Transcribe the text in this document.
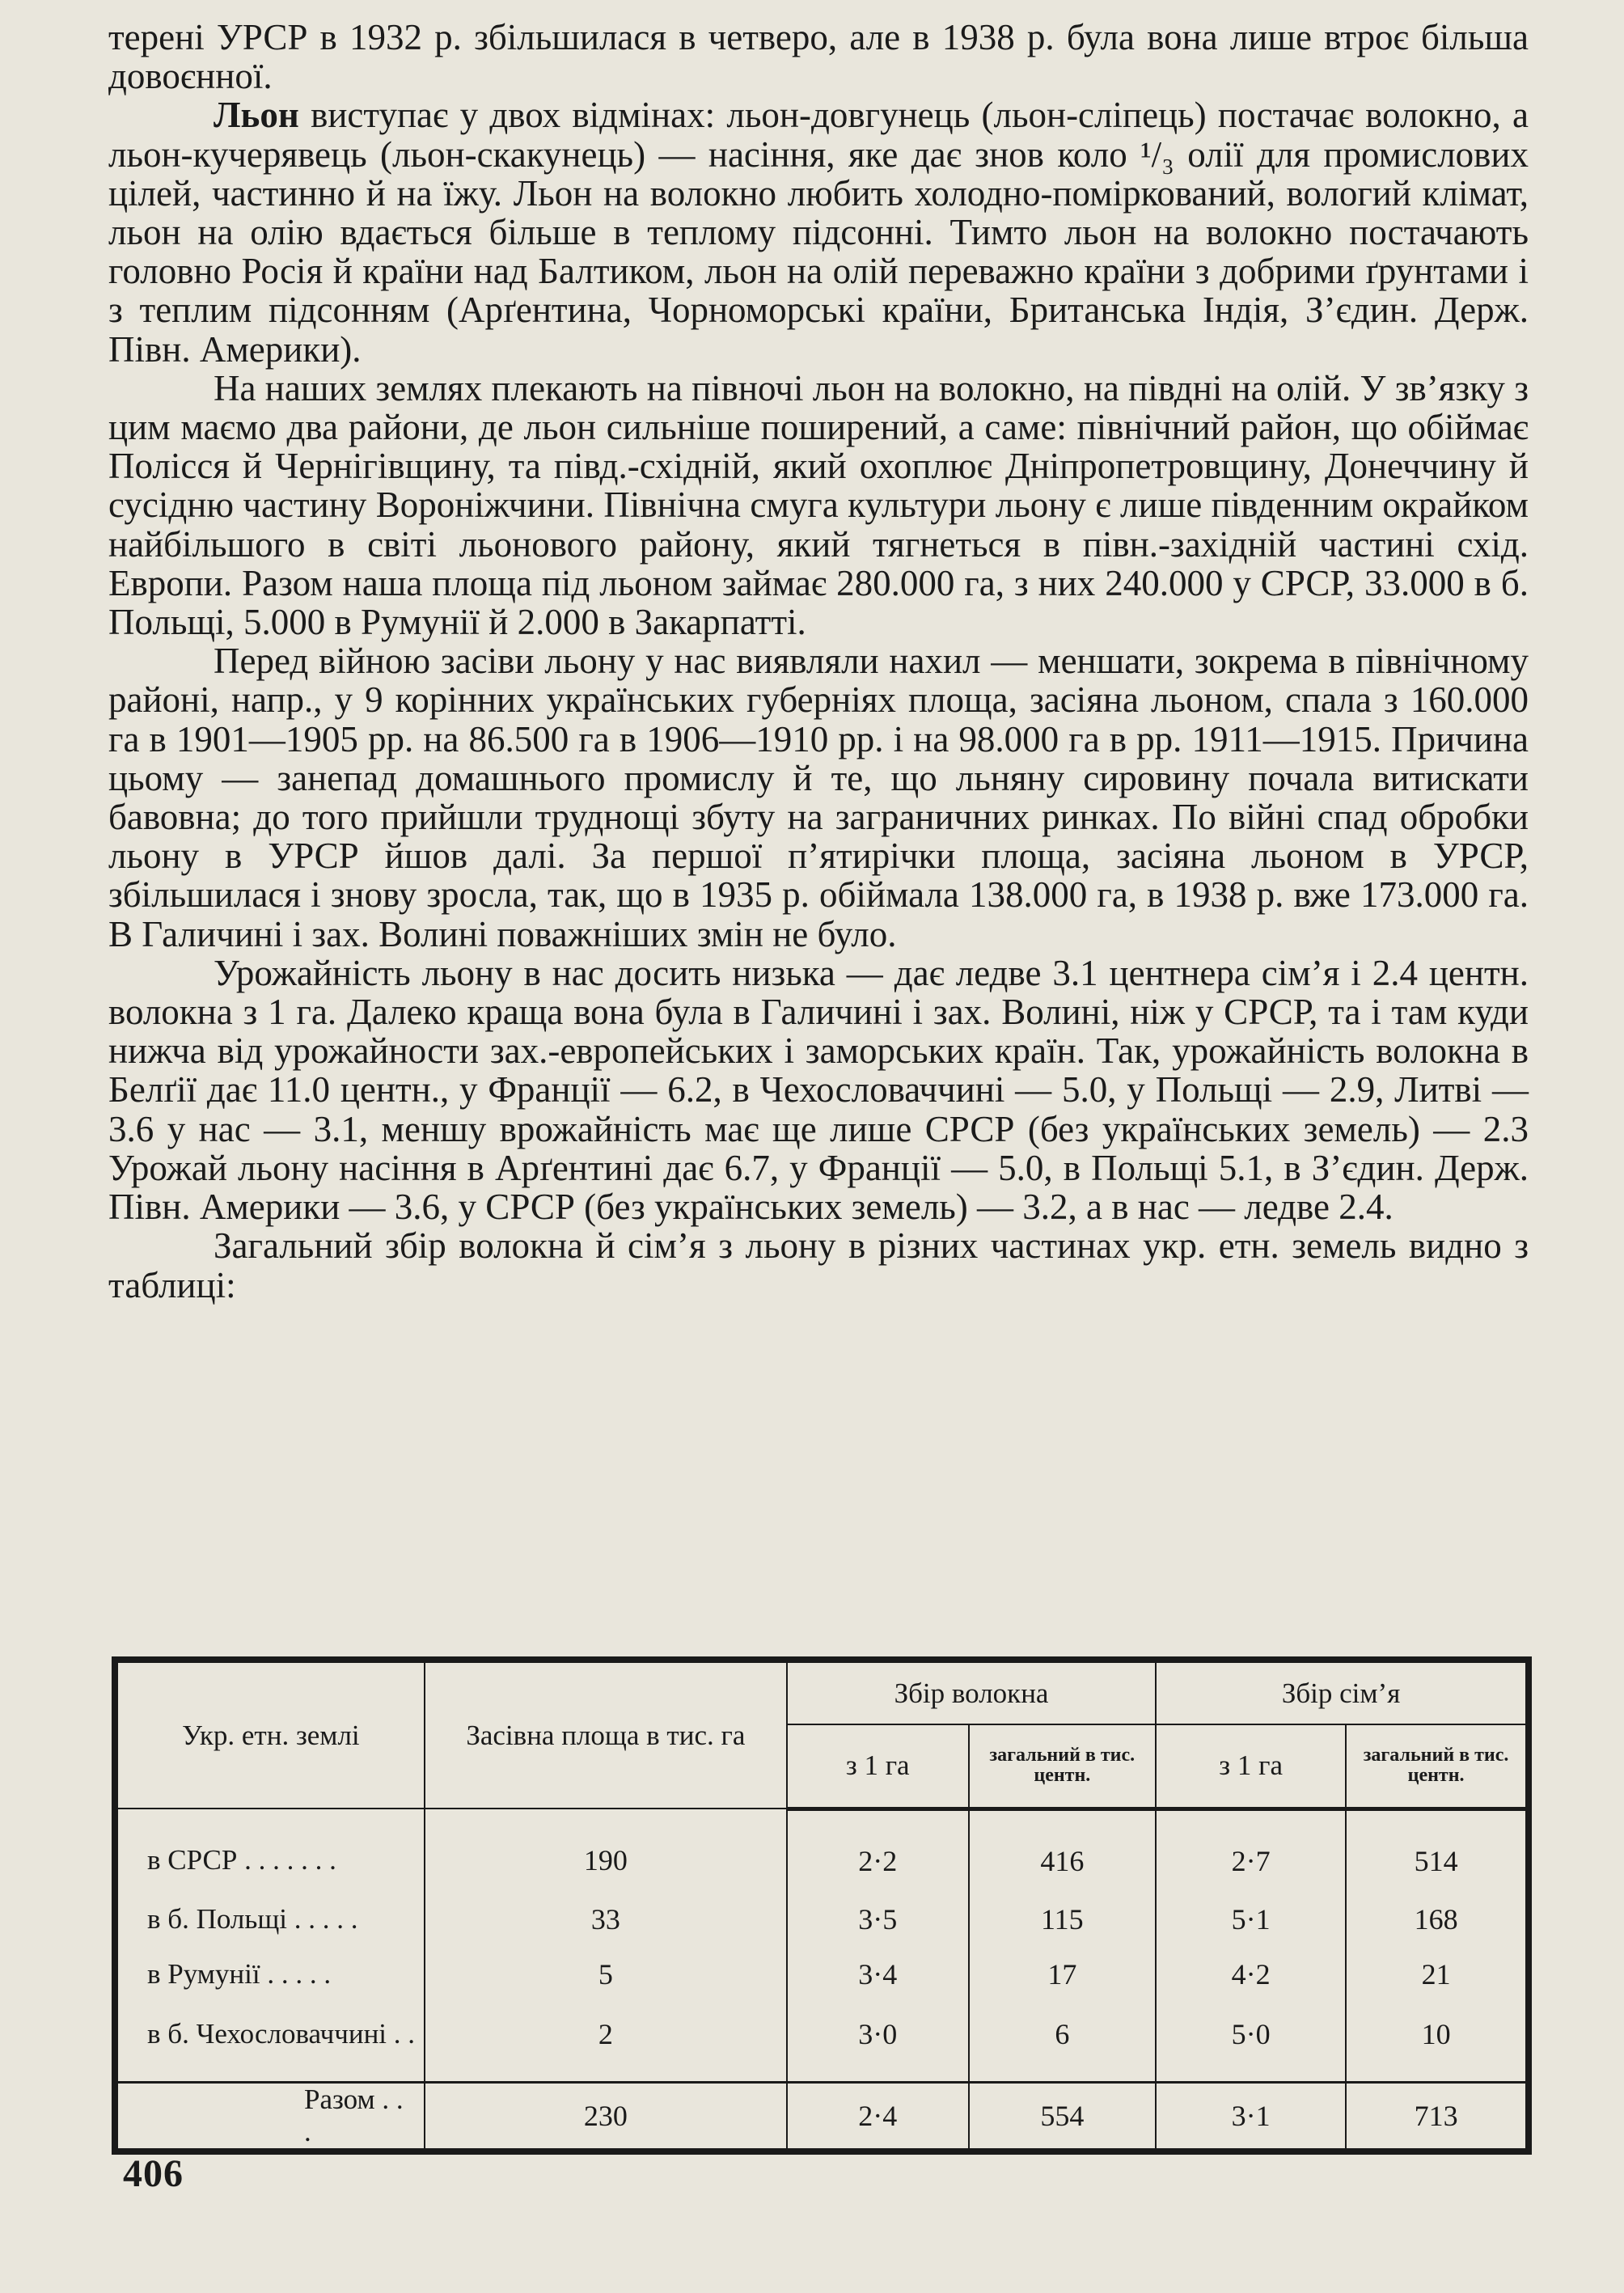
терені УРСР в 1932 р. збільшилася в четверо, але в 1938 р. була вона лише втроє більша довоєнної.

Льон виступає у двох відмінах: льон-довгунець (льон-сліпець) постачає волокно, а льон-кучерявець (льон-скакунець) — насіння, яке дає знов коло ¹/₃ олії для промислових цілей, частинно й на їжу. Льон на волокно любить холодно-поміркований, вологий клімат, льон на олію вдається більше в теплому підсонні. Тимто льон на волокно постачають головно Росія й країни над Балтиком, льон на олій переважно країни з добрими ґрунтами і з теплим підсонням (Арґентина, Чорноморські країни, Британська Індія, З’єдин. Держ. Півн. Америки).

На наших землях плекають на півночі льон на волокно, на півдні на олій. У зв’язку з цим маємо два райони, де льон сильніше поширений, а саме: північний район, що обіймає Полісся й Чернігівщину, та півд.-східній, який охоплює Дніпропетровщину, Донеччину й сусідню частину Вороніжчини. Північна смуга культури льону є лише південним окрайком найбільшого в світі льонового району, який тягнеться в півн.-західній частині схід. Европи. Разом наша площа під льоном займає 280.000 га, з них 240.000 у СРСР, 33.000 в б. Польщі, 5.000 в Румунії й 2.000 в Закарпатті.

Перед війною засіви льону у нас виявляли нахил — меншати, зокрема в північному районі, напр., у 9 корінних українських губерніях площа, засіяна льоном, спала з 160.000 га в 1901—1905 рр. на 86.500 га в 1906—1910 рр. і на 98.000 га в рр. 1911—1915. Причина цьому — занепад домашнього промислу й те, що льняну сировину почала витискати бавовна; до того прийшли труднощі збуту на заграничних ринках. По війні спад обробки льону в УРСР йшов далі. За першої п’ятирічки площа, засіяна льоном в УРСР, збільшилася і знову зросла, так, що в 1935 р. обіймала 138.000 га, в 1938 р. вже 173.000 га. В Галичині і зах. Волині поважніших змін не було.

Урожайність льону в нас досить низька — дає ледве 3.1 центнера сім’я і 2.4 центн. волокна з 1 га. Далеко краща вона була в Галичині і зах. Волині, ніж у СРСР, та і там куди нижча від урожайности зах.-европейських і заморських країн. Так, урожайність волокна в Белґії дає 11.0 центн., у Франції — 6.2, в Чехословаччині — 5.0, у Польщі — 2.9, Литві — 3.6 у нас — 3.1, меншу врожайність має ще лише СРСР (без українських земель) — 2.3 Урожай льону насіння в Арґентині дає 6.7, у Франції — 5.0, в Польщі 5.1, в З’єдин. Держ. Півн. Америки — 3.6, у СРСР (без українських земель) — 3.2, а в нас — ледве 2.4.

Загальний збір волокна й сім’я з льону в різних частинах укр. етн. земель видно з таблиці:

Укр. етн. землі	Засівна площа в тис. га	Збір волокна		Збір сім’я	
		з 1 га	загальний в тис. центн.	з 1 га	загальний в тис. центн.
в СРСР . . . . . . .	190	2·2	416	2·7	514
в б. Польщі . . . . .	33	3·5	115	5·1	168
в Румунії . . . . .	5	3·4	17	4·2	21
в б. Чехословаччині . .	2	3·0	6	5·0	10
Разом . . .	230	2·4	554	3·1	713
406
